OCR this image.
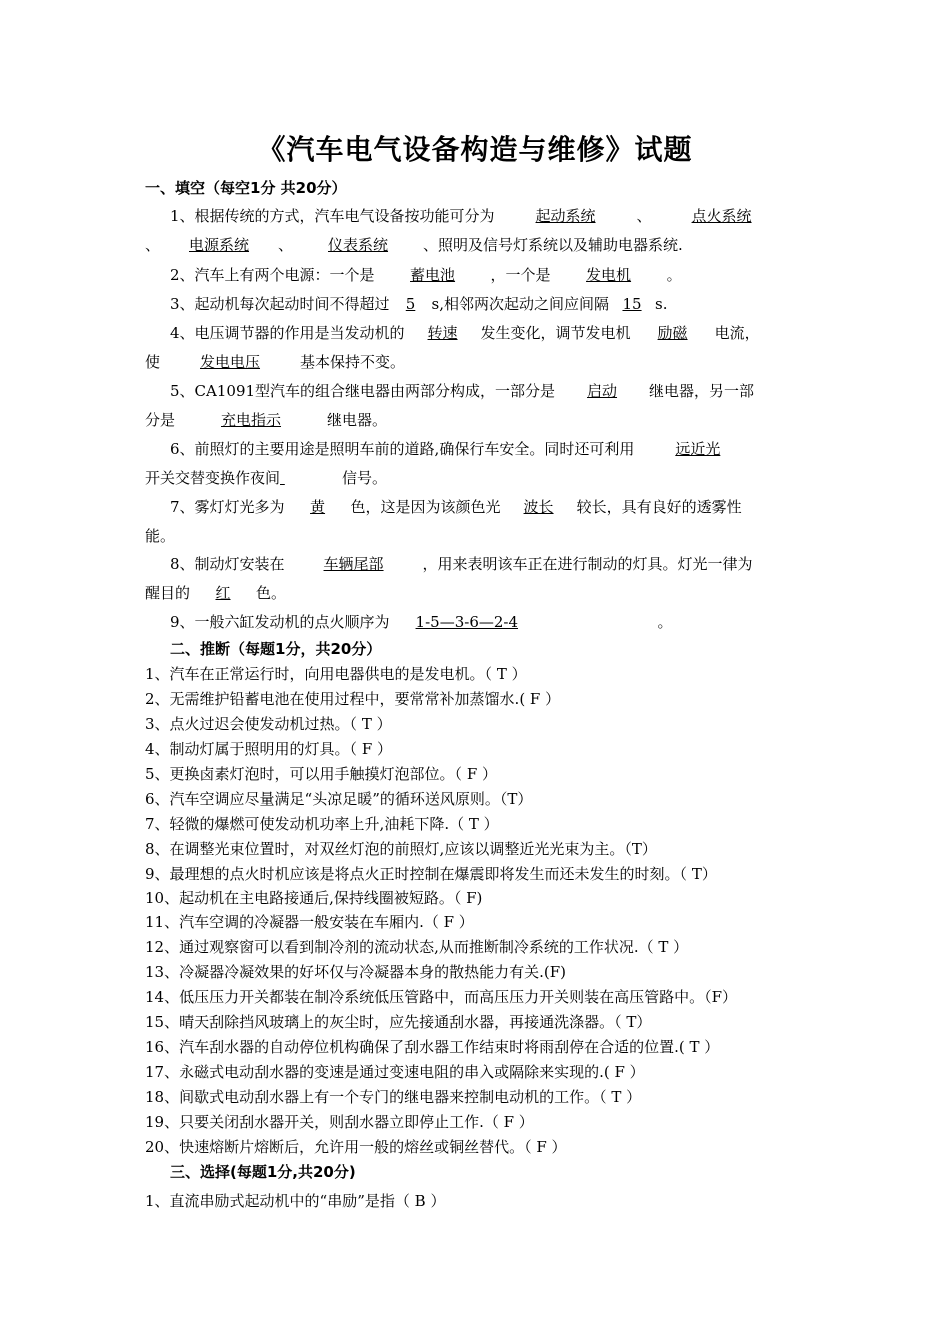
《汽车电气设备构造与维修》试题
一、填空（每空1分 共20分）
1、根据传统的方式，汽车电气设备按功能可分为	起动系统	、	点火系统
、 电源系统 、 仪表系统 、照明及信号灯系统以及辅助电器系统.
2、汽车上有两个电源：一个是 蓄电池 ，一个是 发电机 。
3、起动机每次起动时间不得超过 5 s,相邻两次起动之间应间隔 15 s.
4、电压调节器的作用是当发动机的 转速 发生变化，调节发电机 励磁 电流，
使	发电电压	基本保持不变。
5、CA1091型汽车的组合继电器由两部分构成，一部分是 启动 继电器，另一部
分是	充电指示	继电器。
6、前照灯的主要用途是照明车前的道路,确保行车安全。同时还可利用	远近光
开关交替变换作夜间	信号。
7、雾灯灯光多为 黄 色，这是因为该颜色光 波长 较长，具有良好的透雾性
能。
8、制动灯安装在	车辆尾部	，用来表明该车正在进行制动的灯具。灯光一律为
醒目的 红 色。
9、一般六缸发动机的点火顺序为 1-5—3-6—2-4	。
二、推断（每题1分，共20分）
1、汽车在正常运行时，向用电器供电的是发电机。（ T ）
2、无需维护铅蓄电池在使用过程中，要常常补加蒸馏水.( F ）
3、点火过迟会使发动机过热。（ T ）
4、制动灯属于照明用的灯具。（ F ）
5、更换卤素灯泡时，可以用手触摸灯泡部位。（ F ）
6、汽车空调应尽量满足“头凉足暖”的循环送风原则。（T）
7、轻微的爆燃可使发动机功率上升,油耗下降.（ T ）
8、在调整光束位置时，对双丝灯泡的前照灯,应该以调整近光光束为主。（T）
9、最理想的点火时机应该是将点火正时控制在爆震即将发生而还未发生的时刻。（ T）
10、起动机在主电路接通后,保持线圈被短路。（ F)
11、汽车空调的冷凝器一般安装在车厢内.（ F ）
12、通过观察窗可以看到制冷剂的流动状态,从而推断制冷系统的工作状况.（ T ）
13、冷凝器冷凝效果的好坏仅与冷凝器本身的散热能力有关.(F)
14、低压压力开关都装在制冷系统低压管路中，而高压压力开关则装在高压管路中。（F）
15、晴天刮除挡风玻璃上的灰尘时，应先接通刮水器，再接通洗涤器。（ T）
16、汽车刮水器的自动停位机构确保了刮水器工作结束时将雨刮停在合适的位置.( T ）
17、永磁式电动刮水器的变速是通过变速电阻的串入或隔除来实现的.( F ）
18、间歇式电动刮水器上有一个专门的继电器来控制电动机的工作。（ T ）
19、只要关闭刮水器开关，则刮水器立即停止工作.（ F ）
20、快速熔断片熔断后，允许用一般的熔丝或铜丝替代。（ F ）
三、选择(每题1分,共20分)
1、直流串励式起动机中的“串励”是指（ B ）
